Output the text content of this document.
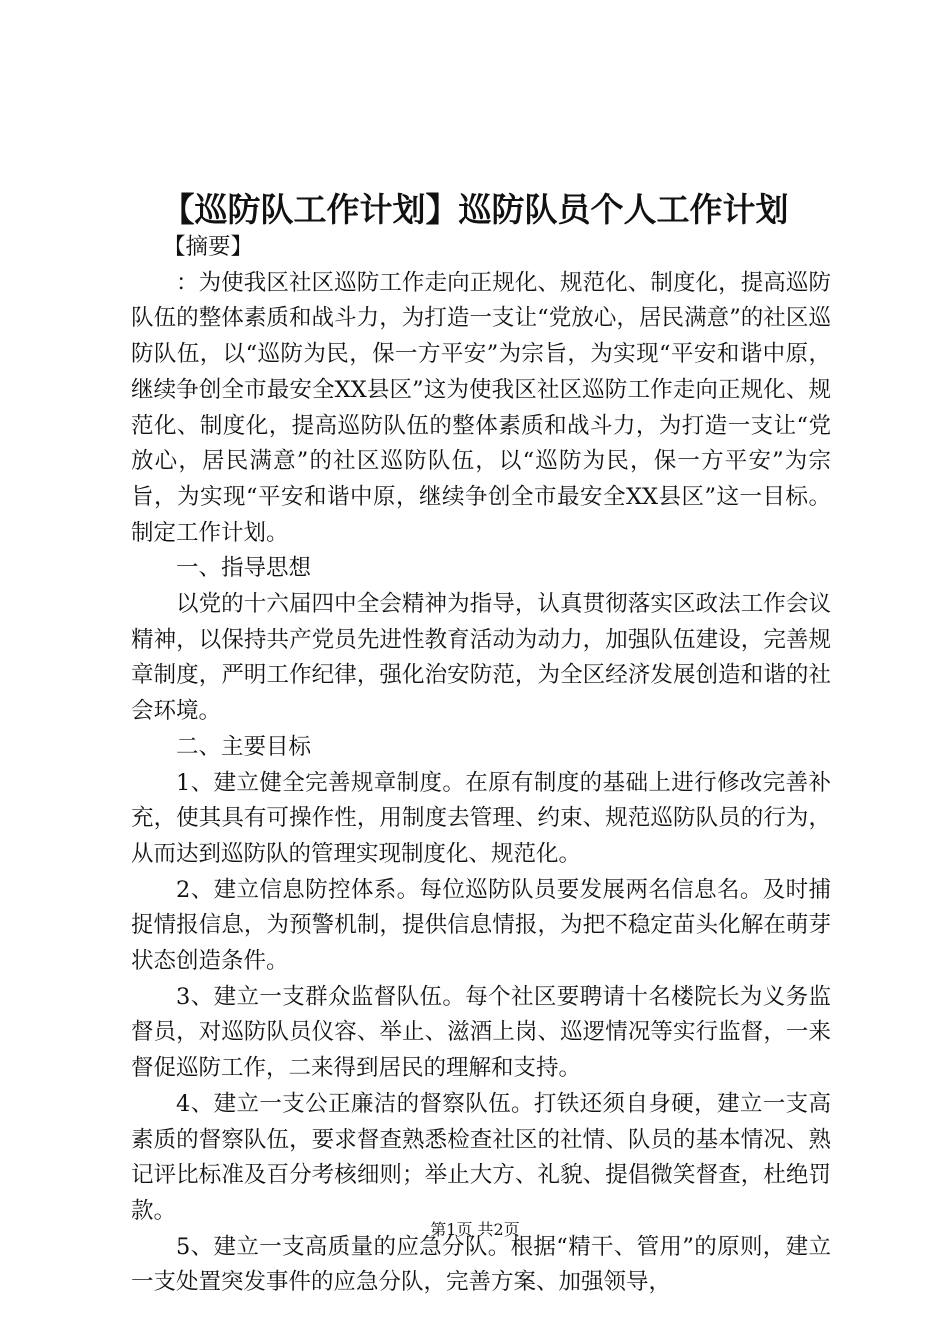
【巡防队工作计划】巡防队员个人工作计划

【摘要】

：为使我区社区巡防工作走向正规化、规范化、制度化，提高巡防队伍的整体素质和战斗力，为打造一支让“党放心，居民满意”的社区巡防队伍，以“巡防为民，保一方平安”为宗旨，为实现“平安和谐中原，继续争创全市最安全XX县区”这为使我区社区巡防工作走向正规化、规范化、制度化，提高巡防队伍的整体素质和战斗力，为打造一支让“党放心，居民满意”的社区巡防队伍，以“巡防为民，保一方平安”为宗旨，为实现“平安和谐中原，继续争创全市最安全XX县区”这一目标。制定工作计划。

一、指导思想

以党的十六届四中全会精神为指导，认真贯彻落实区政法工作会议精神，以保持共产党员先进性教育活动为动力，加强队伍建设，完善规章制度，严明工作纪律，强化治安防范，为全区经济发展创造和谐的社会环境。

二、主要目标

1、建立健全完善规章制度。在原有制度的基础上进行修改完善补充，使其具有可操作性，用制度去管理、约束、规范巡防队员的行为，从而达到巡防队的管理实现制度化、规范化。

2、建立信息防控体系。每位巡防队员要发展两名信息名。及时捕捉情报信息，为预警机制，提供信息情报，为把不稳定苗头化解在萌芽状态创造条件。

3、建立一支群众监督队伍。每个社区要聘请十名楼院长为义务监督员，对巡防队员仪容、举止、滋酒上岗、巡逻情况等实行监督，一来督促巡防工作，二来得到居民的理解和支持。

4、建立一支公正廉洁的督察队伍。打铁还须自身硬，建立一支高素质的督察队伍，要求督查熟悉检查社区的社情、队员的基本情况、熟记评比标准及百分考核细则；举止大方、礼貌、提倡微笑督查，杜绝罚款。

5、建立一支高质量的应急分队。根据“精干、管用”的原则，建立一支处置突发事件的应急分队，完善方案、加强领导，

第1页 共2页
